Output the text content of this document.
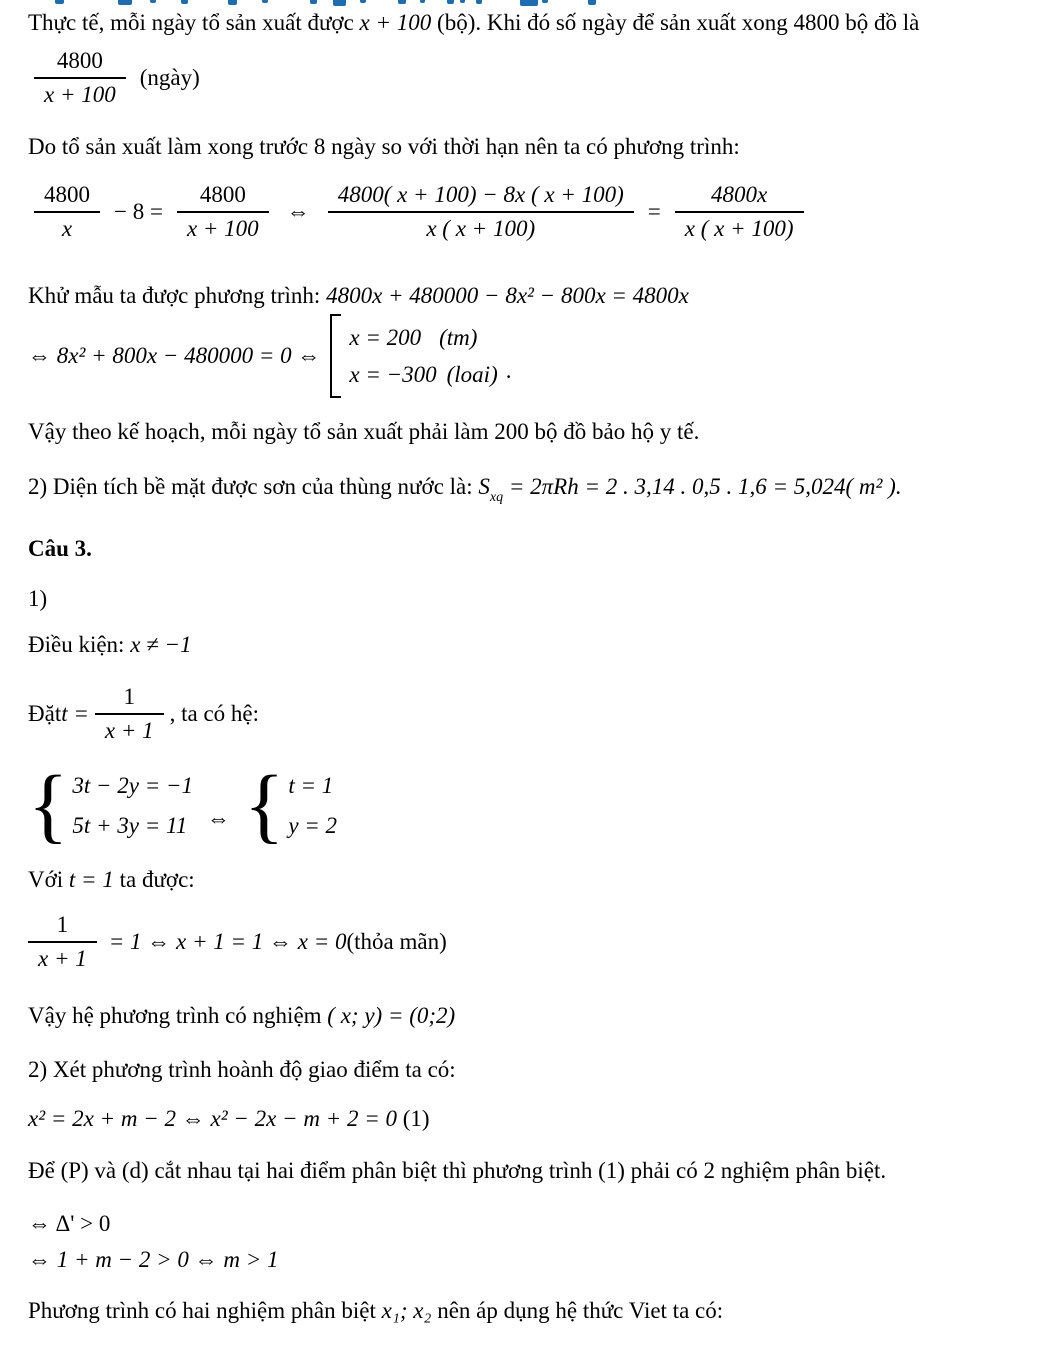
Thực tế, mỗi ngày tổ sản xuất được x + 100 (bộ). Khi đó số ngày để sản xuất xong 4800 bộ đồ là
$\frac{4800}{x + 100}$ (ngày)
Do tổ sản xuất làm xong trước 8 ngày so với thời hạn nên ta có phương trình:
$\frac{4800}{x} - 8 = \frac{4800}{x + 100}$ ⇔ $\frac{4800( x + 100) - 8x ( x + 100)}{x ( x + 100)} = \frac{4800x}{x ( x + 100)}$
Khử mẫu ta được phương trình: 4800x + 480000 − 8x² − 800x = 4800x
⇔ 8x² + 800x − 480000 = 0 ⇔
x = 200 (tm)
x = −300 (loai) .
Vậy theo kế hoạch, mỗi ngày tổ sản xuất phải làm 200 bộ đồ bảo hộ y tế.
2) Diện tích bề mặt được sơn của thùng nước là: $S_{xq} = 2\pi Rh = 2$ . 3,14 . 0,5 . 1,6 = 5,024( m² ).
Câu 3.
1)
Điều kiện: x ≠ −1
Đặt $t = \frac{1}{x + 1}$ , ta có hệ:
{ 3t − 2y = −1
5t + 3y = 11 ⇔ { t = 1
y = 2
Với t = 1 ta được:
$\frac{1}{x + 1} = 1$ ⇔ x + 1 = 1 ⇔ x = 0 (thỏa mãn)
Vậy hệ phương trình có nghiệm ( x; y) = (0;2)
2) Xét phương trình hoành độ giao điểm ta có:
x² = 2x + m − 2 ⇔ x² − 2x − m + 2 = 0 (1)
Để (P) và (d) cắt nhau tại hai điểm phân biệt thì phương trình (1) phải có 2 nghiệm phân biệt.
⇔ Δ' > 0
⇔ 1 + m − 2 > 0 ⇔ m > 1
Phương trình có hai nghiệm phân biệt x₁; x₂ nên áp dụng hệ thức Viet ta có:
